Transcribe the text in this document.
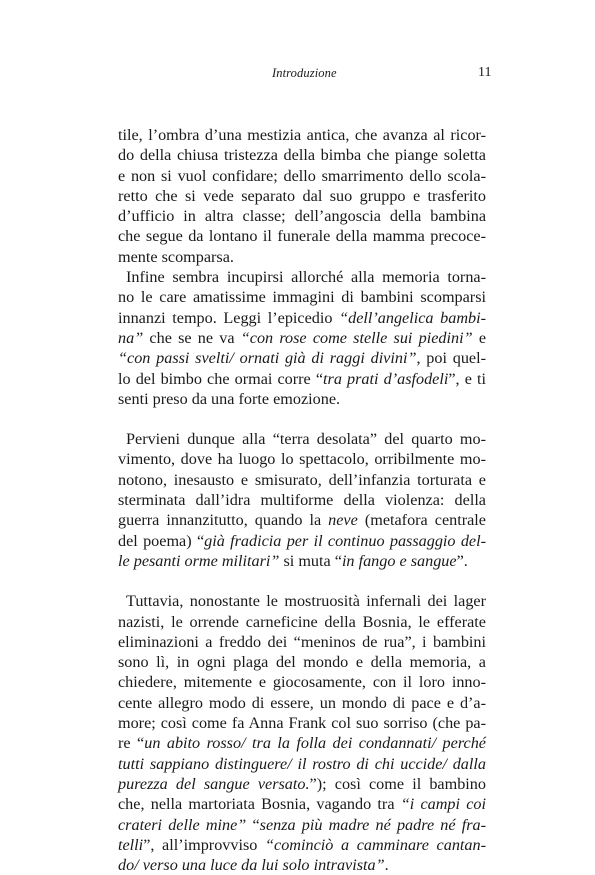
Introduzione	11

tile, l’ombra d’una mestizia antica, che avanza al ricor-
do della chiusa tristezza della bimba che piange soletta
e non si vuol confidare; dello smarrimento dello scola-
retto che si vede separato dal suo gruppo e trasferito
d’ufficio in altra classe; dell’angoscia della bambina
che segue da lontano il funerale della mamma precoce-
mente scomparsa.

Infine sembra incupirsi allorché alla memoria torna-
no le care amatissime immagini di bambini scomparsi
innanzi tempo. Leggi l’epicedio “dell’angelica bambi-
na” che se ne va “con rose come stelle sui piedini” e
“con passi svelti/ ornati già di raggi divini”, poi quel-
lo del bimbo che ormai corre “tra prati d’asfodeli”, e ti
senti preso da una forte emozione.

Pervieni dunque alla “terra desolata” del quarto mo-
vimento, dove ha luogo lo spettacolo, orribilmente mo-
notono, inesausto e smisurato, dell’infanzia torturata e
sterminata dall’idra multiforme della violenza: della
guerra innanzitutto, quando la neve (metafora centrale
del poema) “già fradicia per il continuo passaggio del-
le pesanti orme militari” si muta “in fango e sangue”.

Tuttavia, nonostante le mostruosità infernali dei lager
nazisti, le orrende carneficine della Bosnia, le efferate
eliminazioni a freddo dei “meninos de rua”, i bambini
sono lì, in ogni plaga del mondo e della memoria, a
chiedere, mitemente e giocosamente, con il loro inno-
cente allegro modo di essere, un mondo di pace e d’a-
more; così come fa Anna Frank col suo sorriso (che pa-
re “un abito rosso/ tra la folla dei condannati/ perché
tutti sappiano distinguere/ il rostro di chi uccide/ dalla
purezza del sangue versato.”); così come il bambino
che, nella martoriata Bosnia, vagando tra “i campi coi
crateri delle mine” “senza più madre né padre né fra-
telli”, all’improvviso “cominciò a camminare cantan-
do/ verso una luce da lui solo intravista”.
